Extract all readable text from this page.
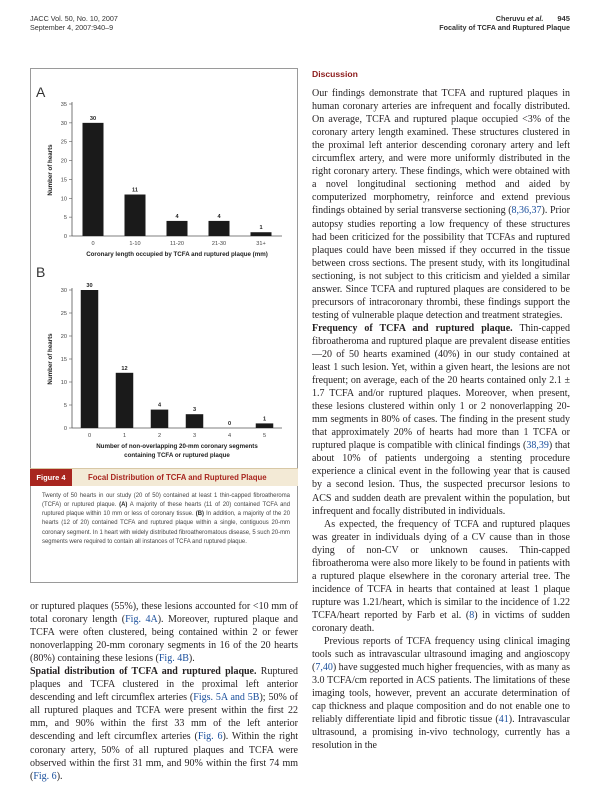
JACC Vol. 50, No. 10, 2007
September 4, 2007:940–9
Cheruvu et al. 945
Focality of TCFA and Ruptured Plaque
A
B
0
5
10
15
20
25
30
35
30
0
11
1-10
4
11-20
4
21-30
1
31+
Number of hearts
Coronary length occupied by TCFA and ruptured plaque (mm)
0
5
10
15
20
25
30
30
0
12
1
4
2
3
3
0
4
1
5
Number of hearts
Number of non-overlapping 20-mm coronary segments
containing TCFA or ruptured plaque
Figure 4	Focal Distribution of TCFA and Ruptured Plaque
Twenty of 50 hearts in our study (20 of 50) contained at least 1 thin-capped fibroatheroma (TCFA) or ruptured plaque. (A) A majority of these hearts (11 of 20) contained TCFA and ruptured plaque within 10 mm or less of coronary tissue. (B) In addition, a majority of the 20 hearts (12 of 20) contained TCFA and ruptured plaque within a single, contiguous 20-mm coronary segment. In 1 heart with widely distributed fibroatheromatous disease, 5 such 20-mm segments were required to contain all instances of TCFA and ruptured plaque.

or ruptured plaques (55%), these lesions accounted for <10 mm of total coronary length (Fig. 4A). Moreover, ruptured plaque and TCFA were often clustered, being contained within 2 or fewer nonoverlapping 20-mm coronary segments in 16 of the 20 hearts (80%) containing these lesions (Fig. 4B).

Spatial distribution of TCFA and ruptured plaque. Ruptured plaques and TCFA clustered in the proximal left anterior descending and left circumflex arteries (Figs. 5A and 5B); 50% of all ruptured plaques and TCFA were present within the first 22 mm, and 90% within the first 33 mm of the left anterior descending and left circumflex arteries (Fig. 6). Within the right coronary artery, 50% of all ruptured plaques and TCFA were observed within the first 31 mm, and 90% within the first 74 mm (Fig. 6).

Discussion

Our findings demonstrate that TCFA and ruptured plaques in human coronary arteries are infrequent and focally distributed. On average, TCFA and ruptured plaque occupied <3% of the coronary artery length examined. These structures clustered in the proximal left anterior descending coronary artery and left circumflex artery, and were more uniformly distributed in the right coronary artery. These findings, which were obtained with a novel longitudinal sectioning method and aided by computerized morphometry, reinforce and extend previous findings obtained by serial transverse sectioning (8,36,37). Prior autopsy studies reporting a low frequency of these structures had been criticized for the possibility that TCFAs and ruptured plaques could have been missed if they occurred in the tissue between cross sections. The present study, with its longitudinal sectioning, is not subject to this criticism and yielded a similar answer. Since TCFA and ruptured plaques are considered to be precursors of intracoronary thrombi, these findings support the testing of vulnerable plaque detection and treatment strategies.

Frequency of TCFA and ruptured plaque. Thin-capped fibroatheroma and ruptured plaque are prevalent disease entities—20 of 50 hearts examined (40%) in our study contained at least 1 such lesion. Yet, within a given heart, the lesions are not frequent; on average, each of the 20 hearts contained only 2.1 ± 1.7 TCFA and/or ruptured plaques. Moreover, when present, these lesions clustered within only 1 or 2 nonoverlapping 20-mm segments in 80% of cases. The finding in the present study that approximately 20% of hearts had more than 1 TCFA or ruptured plaque is compatible with clinical findings (38,39) that about 10% of patients undergoing a stenting procedure experience a clinical event in the following year that is caused by a second lesion. Thus, the suspected precursor lesions to ACS and sudden death are prevalent within the population, but infrequent and focally distributed in individuals.

As expected, the frequency of TCFA and ruptured plaques was greater in individuals dying of a CV cause than in those dying of non-CV or unknown causes. Thin-capped fibroatheroma were also more likely to be found in patients with a ruptured plaque elsewhere in the coronary arterial tree. The incidence of TCFA in hearts that contained at least 1 plaque rupture was 1.21/heart, which is similar to the incidence of 1.22 TCFA/heart reported by Farb et al. (8) in victims of sudden coronary death.

Previous reports of TCFA frequency using clinical imaging tools such as intravascular ultrasound imaging and angioscopy (7,40) have suggested much higher frequencies, with as many as 3.0 TCFA/cm reported in ACS patients. The limitations of these imaging tools, however, prevent an accurate determination of cap thickness and plaque composition and do not enable one to reliably differentiate lipid and fibrotic tissue (41). Intravascular ultrasound, a promising in-vivo technology, currently has a resolution in the
